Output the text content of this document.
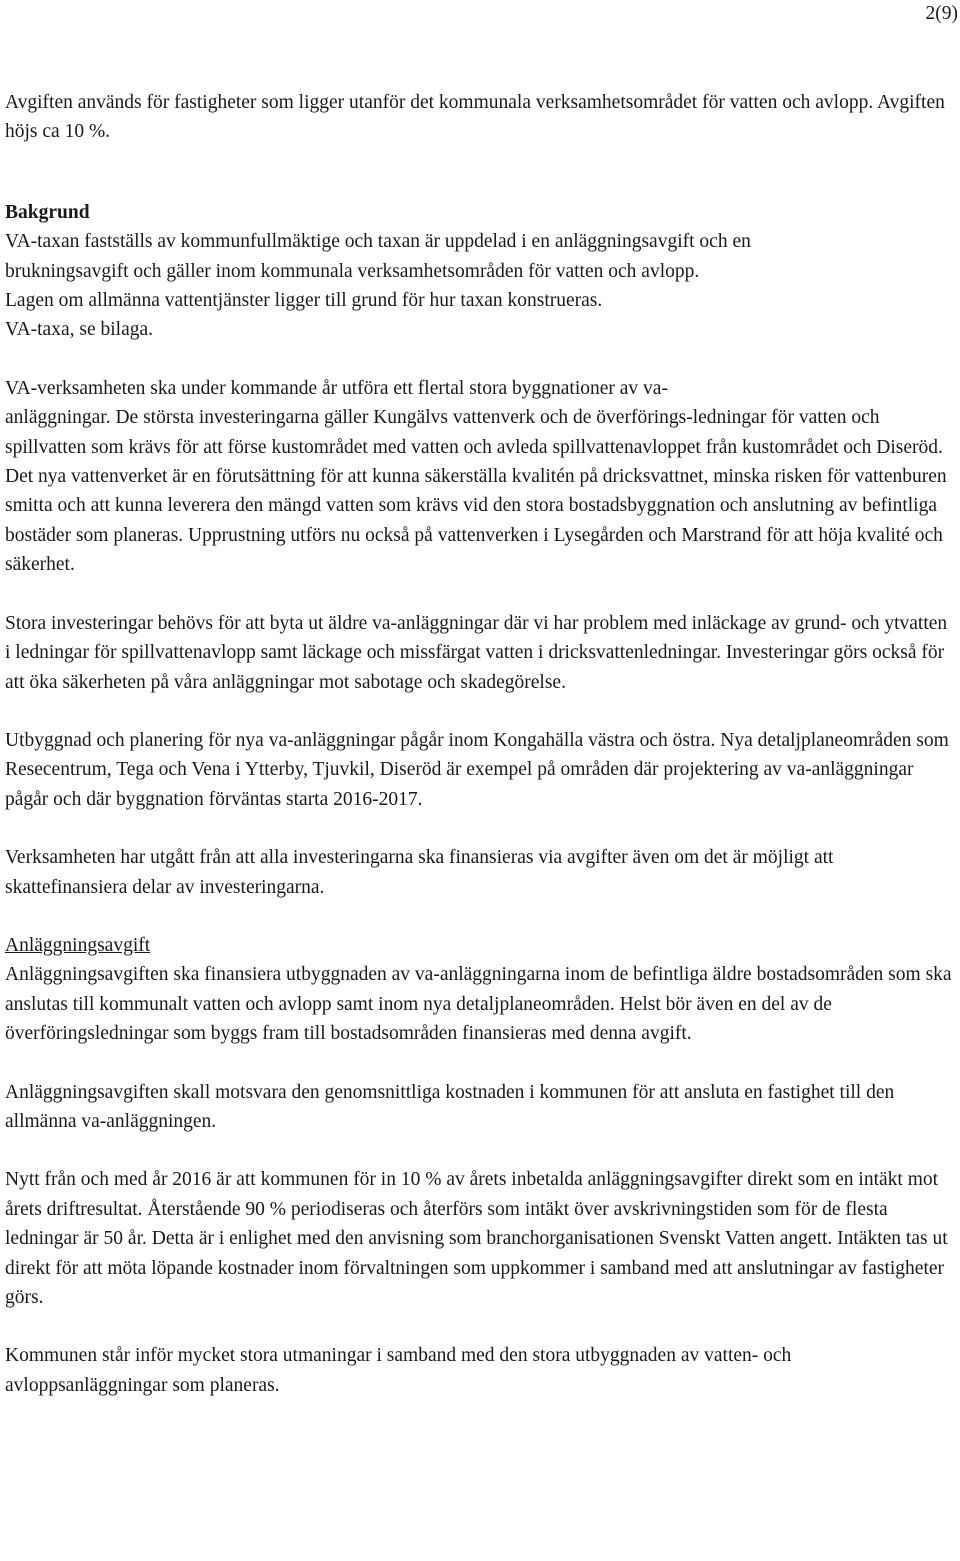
2(9)

Avgiften används för fastigheter som ligger utanför det kommunala verksamhetsområdet för vatten och avlopp. Avgiften höjs ca 10 %.

Bakgrund

VA-taxan fastställs av kommunfullmäktige och taxan är uppdelad i en anläggningsavgift och en

brukningsavgift och gäller inom kommunala verksamhetsområden för vatten och avlopp.

Lagen om allmänna vattentjänster ligger till grund för hur taxan konstrueras.

VA-taxa, se bilaga.

VA-verksamheten ska under kommande år utföra ett flertal stora byggnationer av va-

anläggningar. De största investeringarna gäller Kungälvs vattenverk och de överförings-ledningar för vatten och spillvatten som krävs för att förse kustområdet med vatten och avleda spillvattenavloppet från kustområdet och Diseröd. Det nya vattenverket är en förutsättning för att kunna säkerställa kvalitén på dricksvattnet, minska risken för vattenburen smitta och att kunna leverera den mängd vatten som krävs vid den stora bostadsbyggnation och anslutning av befintliga bostäder som planeras. Upprustning utförs nu också på vattenverken i Lysegården och Marstrand för att höja kvalité och säkerhet.

Stora investeringar behövs för att byta ut äldre va-anläggningar där vi har problem med inläckage av grund- och ytvatten i ledningar för spillvattenavlopp samt läckage och missfärgat vatten i dricksvattenledningar. Investeringar görs också för att öka säkerheten på våra anläggningar mot sabotage och skadegörelse.

Utbyggnad och planering för nya va-anläggningar pågår inom Kongahälla västra och östra. Nya detaljplaneområden som Resecentrum, Tega och Vena i Ytterby, Tjuvkil, Diseröd är exempel på områden där projektering av va-anläggningar pågår och där byggnation förväntas starta 2016-2017.

Verksamheten har utgått från att alla investeringarna ska finansieras via avgifter även om det är möjligt att skattefinansiera delar av investeringarna.

Anläggningsavgift

Anläggningsavgiften ska finansiera utbyggnaden av va-anläggningarna inom de befintliga äldre bostadsområden som ska anslutas till kommunalt vatten och avlopp samt inom nya detaljplaneområden. Helst bör även en del av de överföringsledningar som byggs fram till bostadsområden finansieras med denna avgift.

Anläggningsavgiften skall motsvara den genomsnittliga kostnaden i kommunen för att ansluta en fastighet till den allmänna va-anläggningen.

Nytt från och med år 2016 är att kommunen för in 10 % av årets inbetalda anläggningsavgifter direkt som en intäkt mot årets driftresultat. Återstående 90 % periodiseras och återförs som intäkt över avskrivningstiden som för de flesta ledningar är 50 år. Detta är i enlighet med den anvisning som branchorganisationen Svenskt Vatten angett. Intäkten tas ut direkt för att möta löpande kostnader inom förvaltningen som uppkommer i samband med att anslutningar av fastigheter görs.

Kommunen står inför mycket stora utmaningar i samband med den stora utbyggnaden av vatten- och avloppsanläggningar som planeras.
